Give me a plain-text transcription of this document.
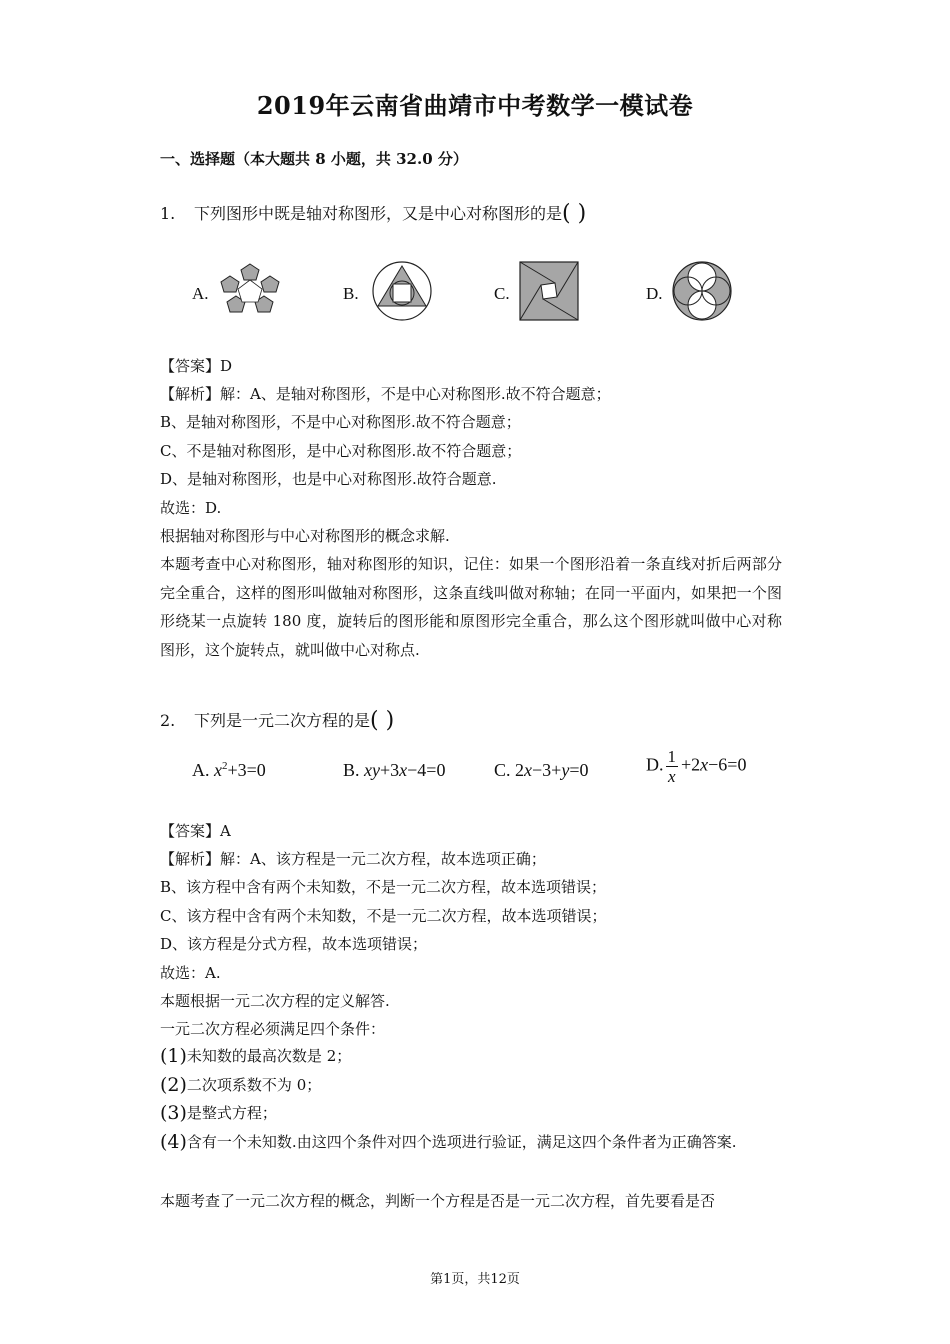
2019年云南省曲靖市中考数学一模试卷
一、选择题（本大题共 8 小题，共 32.0 分）
1. 下列图形中既是轴对称图形，又是中心对称图形的是( )
A.	B.	C.	D.
【答案】D
【解析】解：A、是轴对称图形，不是中心对称图形.故不符合题意；
B、是轴对称图形，不是中心对称图形.故不符合题意；
C、不是轴对称图形，是中心对称图形.故不符合题意；
D、是轴对称图形，也是中心对称图形.故符合题意.
故选：D.
根据轴对称图形与中心对称图形的概念求解.
本题考查中心对称图形，轴对称图形的知识，记住：如果一个图形沿着一条直线对折后两部分完全重合，这样的图形叫做轴对称图形，这条直线叫做对称轴；在同一平面内，如果把一个图形绕某一点旋转 180 度，旋转后的图形能和原图形完全重合，那么这个图形就叫做中心对称图形，这个旋转点，就叫做中心对称点.
2. 下列是一元二次方程的是( )
A. $x^2+3=0$	B. xy+3x−4=0	C. 2x−3+y=0	D. $\frac{1}{x} +2x-6=0$
【答案】A
【解析】解：A、该方程是一元二次方程，故本选项正确；
B、该方程中含有两个未知数，不是一元二次方程，故本选项错误；
C、该方程中含有两个未知数，不是一元二次方程，故本选项错误；
D、该方程是分式方程，故本选项错误；
故选：A.
本题根据一元二次方程的定义解答.
一元二次方程必须满足四个条件：
(1)未知数的最高次数是 2；
(2)二次项系数不为 0；
(3)是整式方程；
(4)含有一个未知数.由这四个条件对四个选项进行验证，满足这四个条件者为正确答案.
本题考查了一元二次方程的概念，判断一个方程是否是一元二次方程，首先要看是否
第1页，共12页
